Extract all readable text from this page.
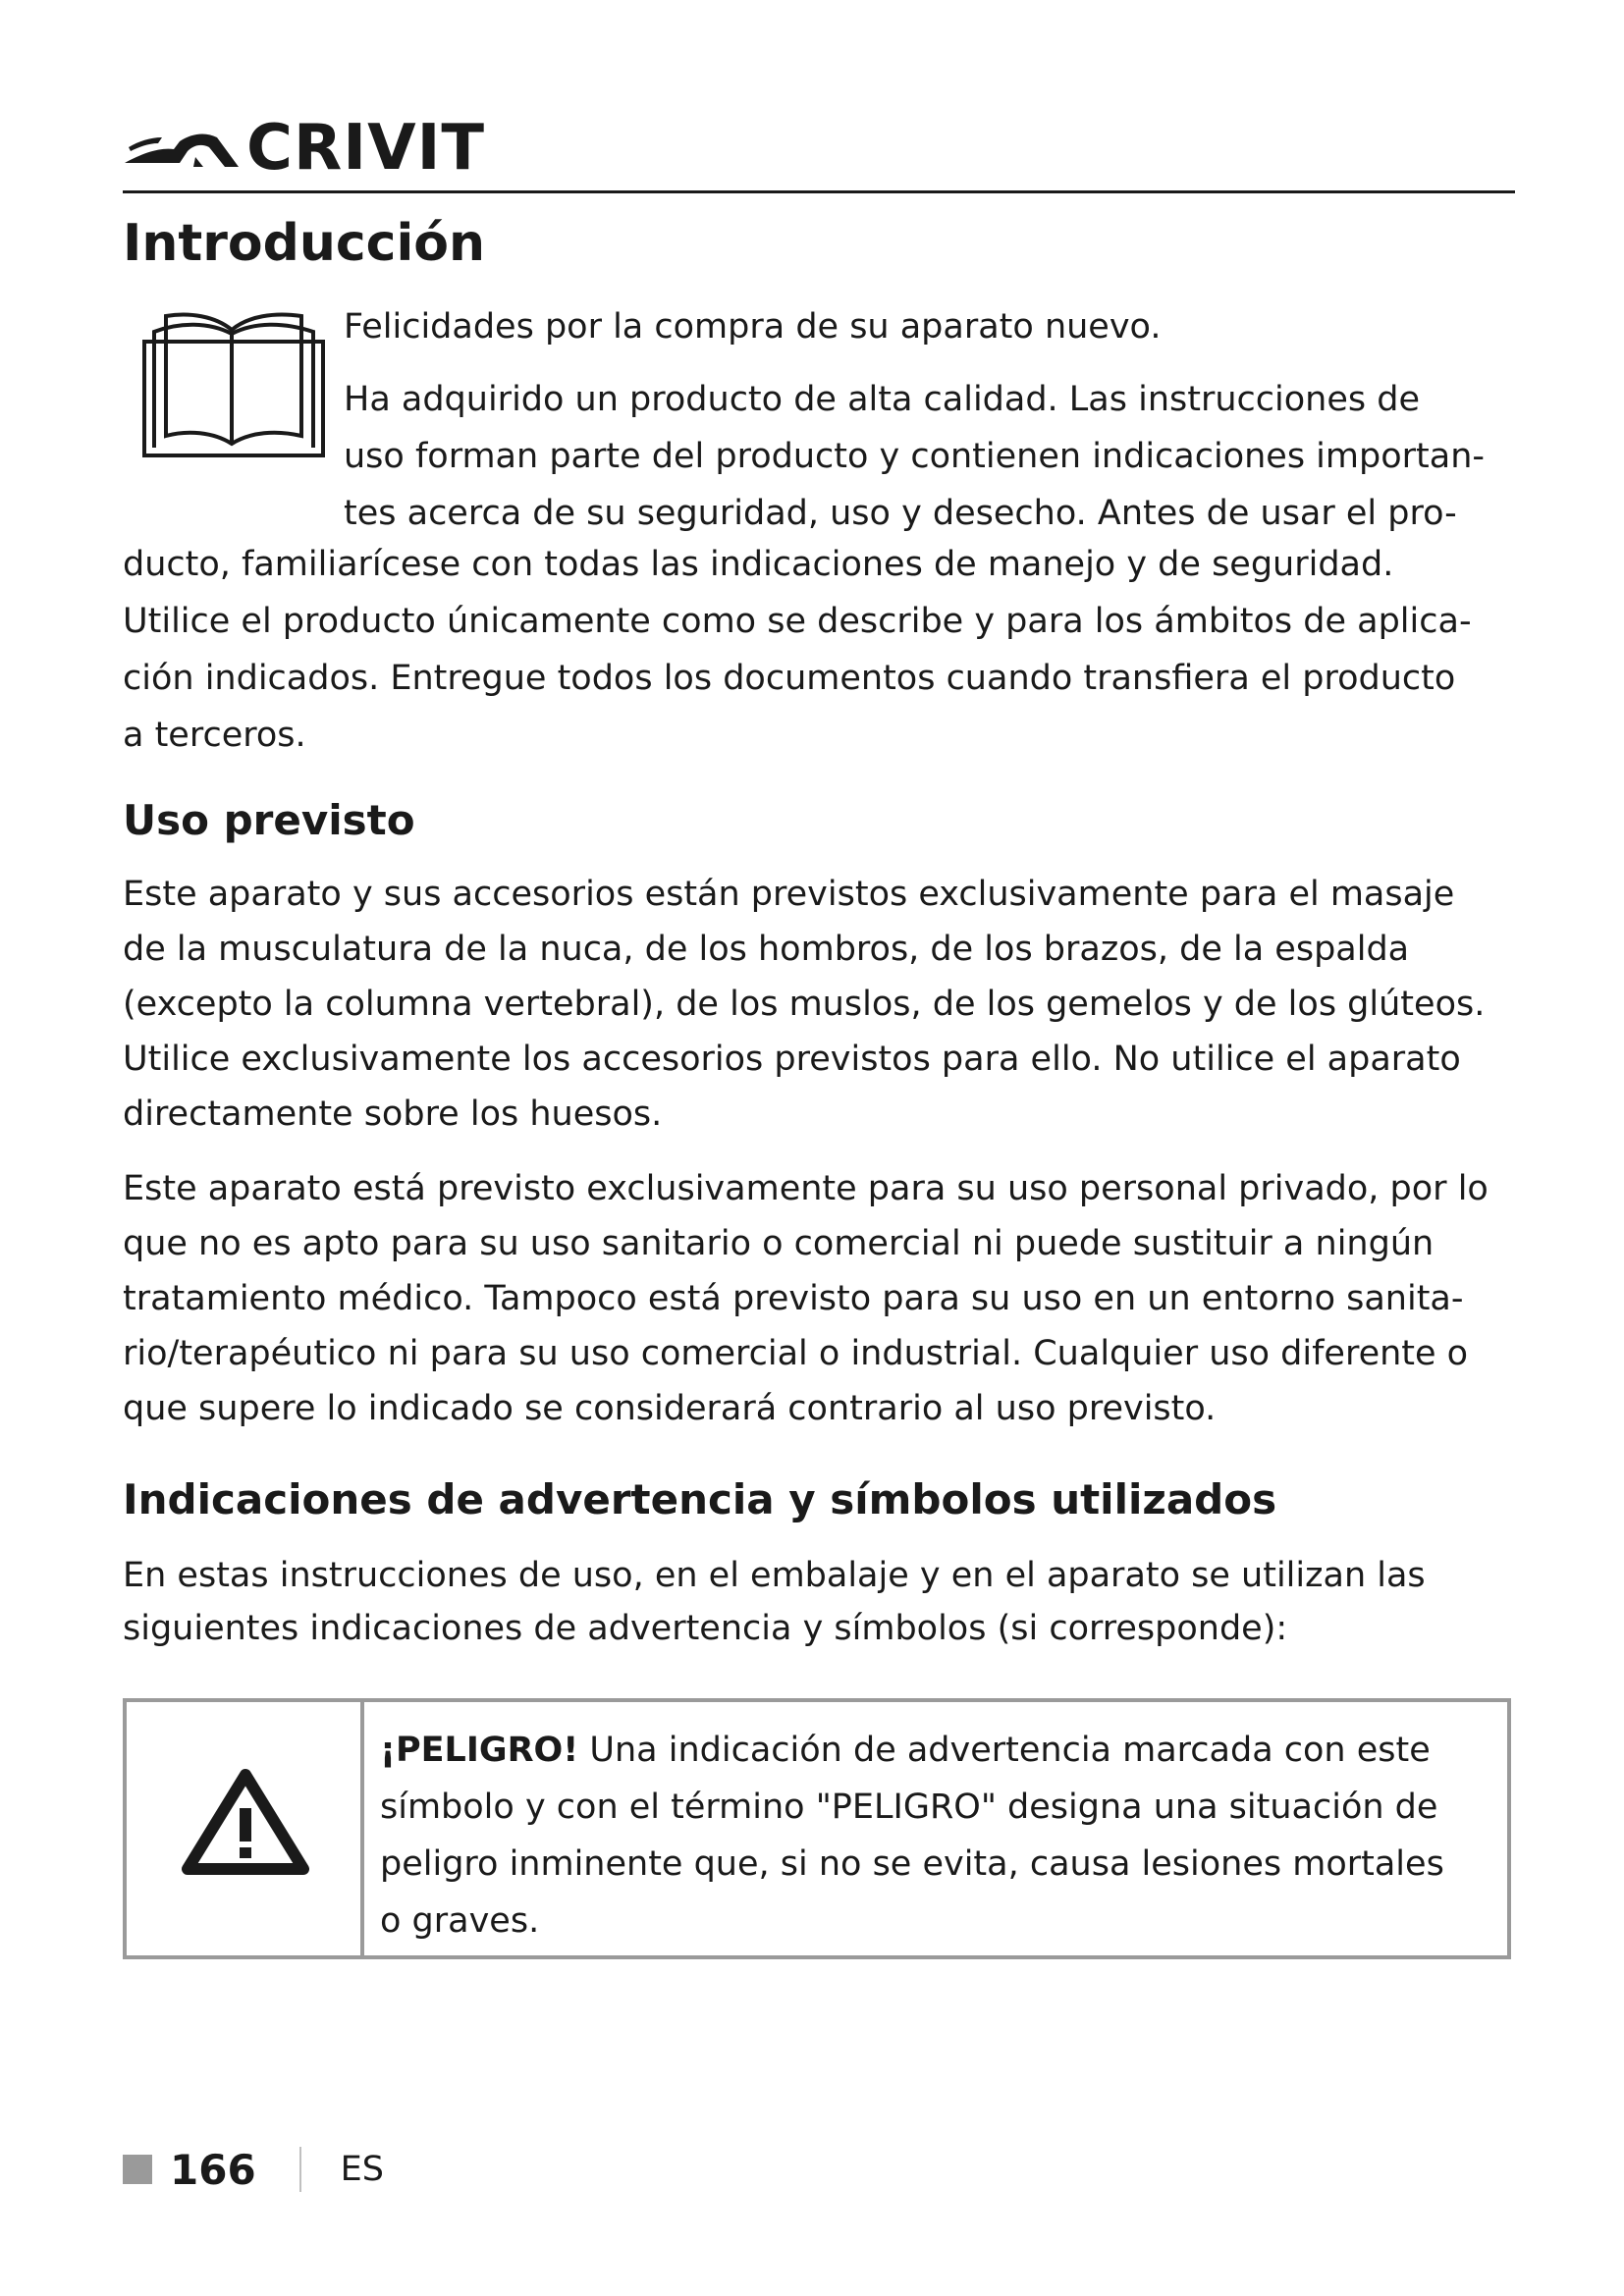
CRIVIT
Introducción

Felicidades por la compra de su aparato nuevo.

Ha adquirido un producto de alta calidad. Las instrucciones de

uso forman parte del producto y contienen indicaciones importan-

tes acerca de su seguridad, uso y desecho. Antes de usar el pro-

ducto, familiarícese con todas las indicaciones de manejo y de seguridad.

Utilice el producto únicamente como se describe y para los ámbitos de aplica-

ción indicados. Entregue todos los documentos cuando transfiera el producto

a terceros.

Uso previsto

Este aparato y sus accesorios están previstos exclusivamente para el masaje

de la musculatura de la nuca, de los hombros, de los brazos, de la espalda

(excepto la columna vertebral), de los muslos, de los gemelos y de los glúteos.

Utilice exclusivamente los accesorios previstos para ello. No utilice el aparato

directamente sobre los huesos.

Este aparato está previsto exclusivamente para su uso personal privado, por lo

que no es apto para su uso sanitario o comercial ni puede sustituir a ningún

tratamiento médico. Tampoco está previsto para su uso en un entorno sanita-

rio/terapéutico ni para su uso comercial o industrial. Cualquier uso diferente o

que supere lo indicado se considerará contrario al uso previsto.

Indicaciones de advertencia y símbolos utilizados

En estas instrucciones de uso, en el embalaje y en el aparato se utilizan las

siguientes indicaciones de advertencia y símbolos (si corresponde):

¡PELIGRO! Una indicación de advertencia marcada con este
símbolo y con el término "PELIGRO" designa una situación de
peligro inminente que, si no se evita, causa lesiones mortales
o graves.
166 ES
